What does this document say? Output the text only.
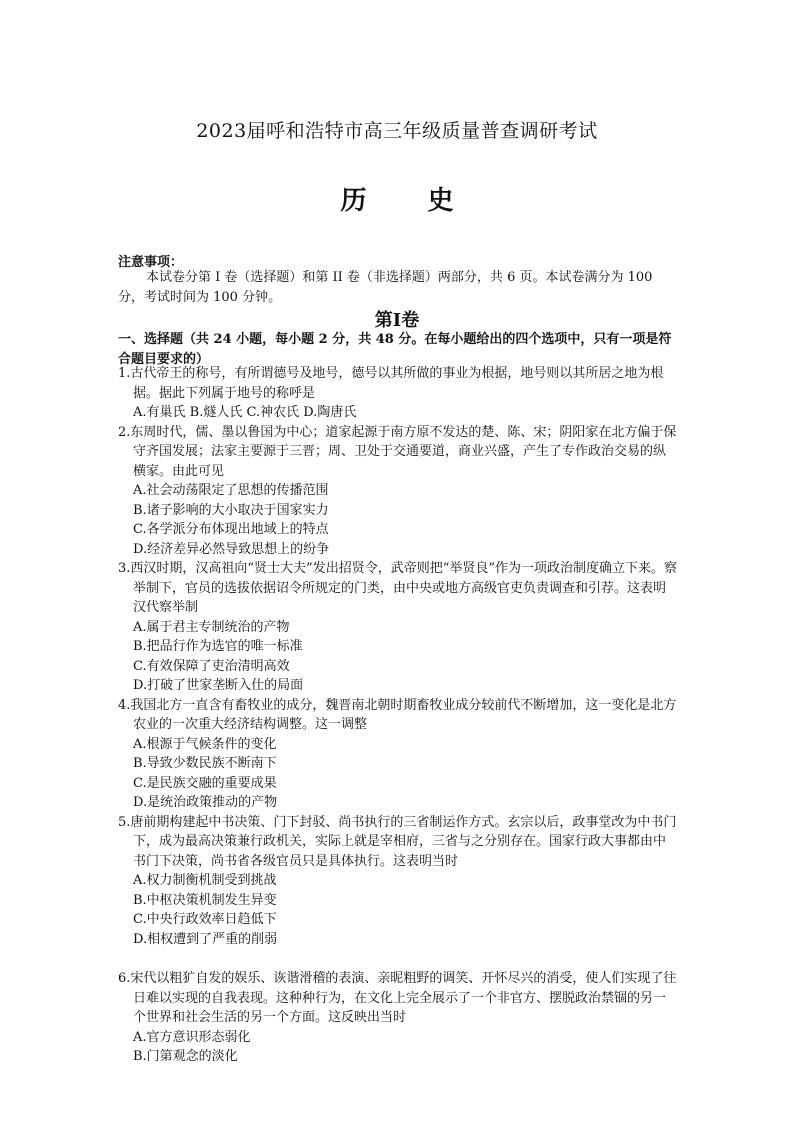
2023届呼和浩特市高三年级质量普查调研考试
历 史
注意事项：
本试卷分第 I 卷（选择题）和第 II 卷（非选择题）两部分，共 6 页。本试卷满分为 100 分，考试时间为 100 分钟。
第Ⅰ卷
一、选择题（共 24 小题，每小题 2 分，共 48 分。在每小题给出的四个选项中，只有一项是符合题目要求的）
1.古代帝王的称号，有所谓德号及地号，德号以其所做的事业为根据，地号则以其所居之地为根据。据此下列属于地号的称呼是
A.有巢氏 B.燧人氏 C.神农氏 D.陶唐氏
2.东周时代，儒、墨以鲁国为中心；道家起源于南方原不发达的楚、陈、宋；阴阳家在北方偏于保守齐国发展；法家主要源于三晋；周、卫处于交通要道，商业兴盛，产生了专作政治交易的纵横家。由此可见
A.社会动荡限定了思想的传播范围
B.诸子影响的大小取决于国家实力
C.各学派分布体现出地域上的特点
D.经济差异必然导致思想上的纷争
3.西汉时期，汉高祖向“贤士大夫”发出招贤令，武帝则把“举贤良”作为一项政治制度确立下来。察举制下，官员的选拔依据诏令所规定的门类，由中央或地方高级官吏负责调查和引荐。这表明汉代察举制
A.属于君主专制统治的产物
B.把品行作为选官的唯一标准
C.有效保障了吏治清明高效
D.打破了世家垄断入仕的局面
4.我国北方一直含有畜牧业的成分，魏晋南北朝时期畜牧业成分较前代不断增加，这一变化是北方农业的一次重大经济结构调整。这一调整
A.根源于气候条件的变化
B.导致少数民族不断南下
C.是民族交融的重要成果
D.是统治政策推动的产物
5.唐前期构建起中书决策、门下封驳、尚书执行的三省制运作方式。玄宗以后，政事堂改为中书门下，成为最高决策兼行政机关，实际上就是宰相府，三省与之分别存在。国家行政大事都由中书门下决策，尚书省各级官员只是具体执行。这表明当时
A.权力制衡机制受到挑战
B.中枢决策机制发生异变
C.中央行政效率日趋低下
D.相权遭到了严重的削弱
6.宋代以粗犷自发的娱乐、诙谐滑稽的表演、亲昵粗野的调笑、开怀尽兴的消受，使人们实现了往日难以实现的自我表现。这种种行为，在文化上完全展示了一个非官方、摆脱政治禁锢的另一个世界和社会生活的另一个方面。这反映出当时
A.官方意识形态弱化
B.门第观念的淡化
